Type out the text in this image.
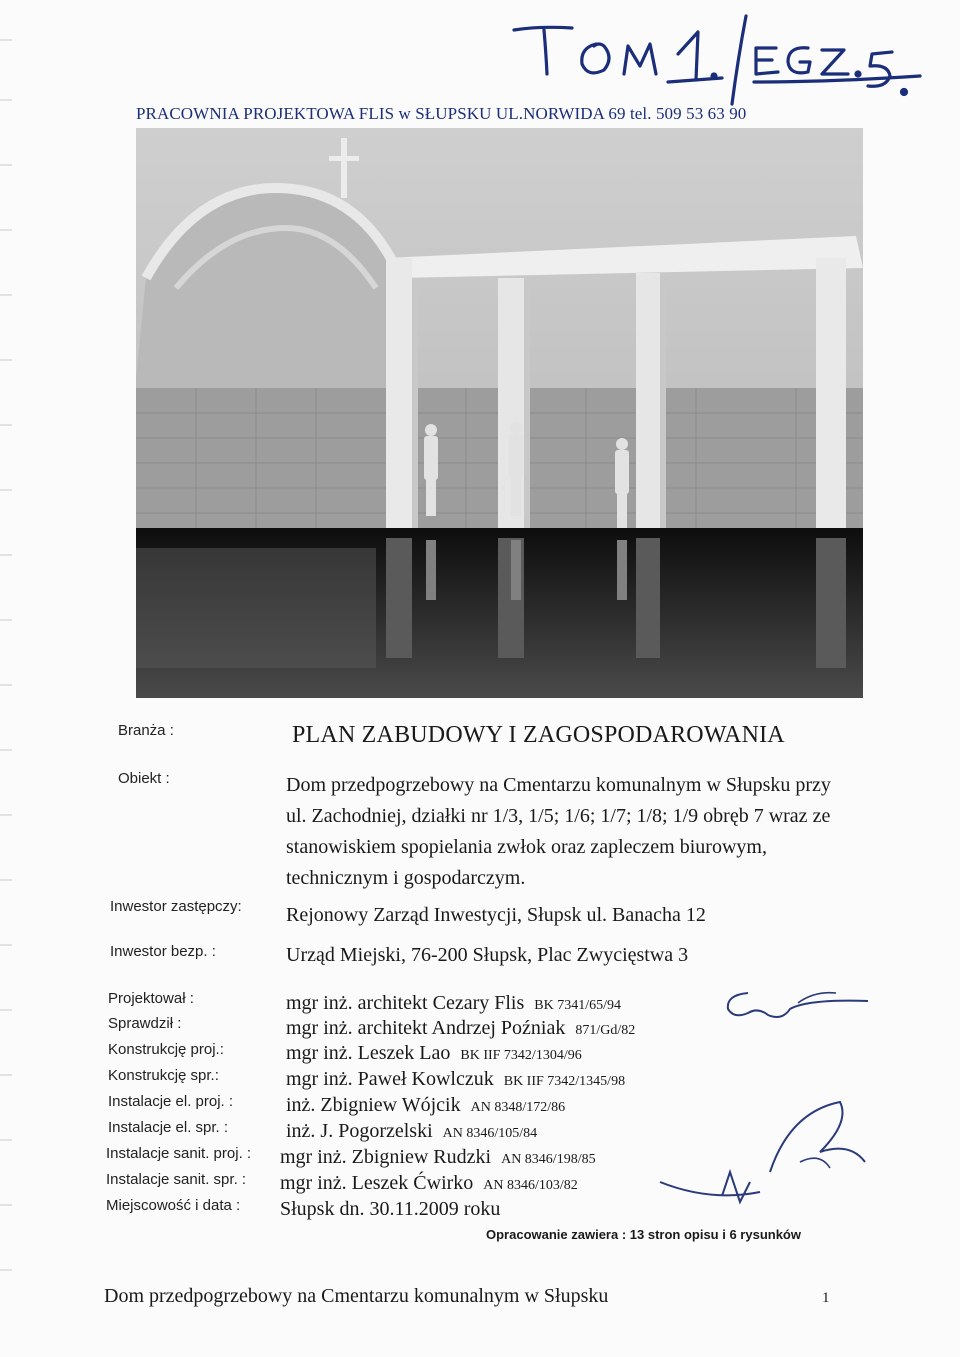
PRACOWNIA PROJEKTOWA FLIS w SŁUPSKU UL.NORWIDA 69 tel. 509 53 63 90
Branża :	PLAN ZABUDOWY I ZAGOSPODAROWANIA
Obiekt :	Dom przedpogrzebowy na Cmentarzu komunalnym w Słupsku przy ul. Zachodniej, działki nr 1/3, 1/5; 1/6; 1/7; 1/8; 1/9 obręb 7 wraz ze stanowiskiem spopielania zwłok oraz zapleczem biurowym, technicznym i gospodarczym.
Inwestor zastępczy: Rejonowy Zarząd Inwestycji, Słupsk ul. Banacha 12
Inwestor bezp. :	Urząd Miejski, 76-200 Słupsk, Plac Zwycięstwa 3
Projektował :	mgr inż. architekt Cezary Flis BK 7341/65/94
Sprawdził :	mgr inż. architekt Andrzej Poźniak 871/Gd/82
Konstrukcję proj.:	mgr inż. Leszek Lao BK IIF 7342/1304/96
Konstrukcję spr.:	mgr inż. Paweł Kowlczuk BK IIF 7342/1345/98
Instalacje el. proj. :	inż. Zbigniew Wójcik AN 8348/172/86
Instalacje el. spr. :	inż. J. Pogorzelski AN 8346/105/84
Instalacje sanit. proj. : mgr inż. Zbigniew Rudzki AN 8346/198/85
Instalacje sanit. spr. : mgr inż. Leszek Ćwirko AN 8346/103/82
Miejscowość i data : Słupsk dn. 30.11.2009 roku
Opracowanie zawiera : 13 stron opisu i 6 rysunków
Dom przedpogrzebowy na Cmentarzu komunalnym w Słupsku	1
